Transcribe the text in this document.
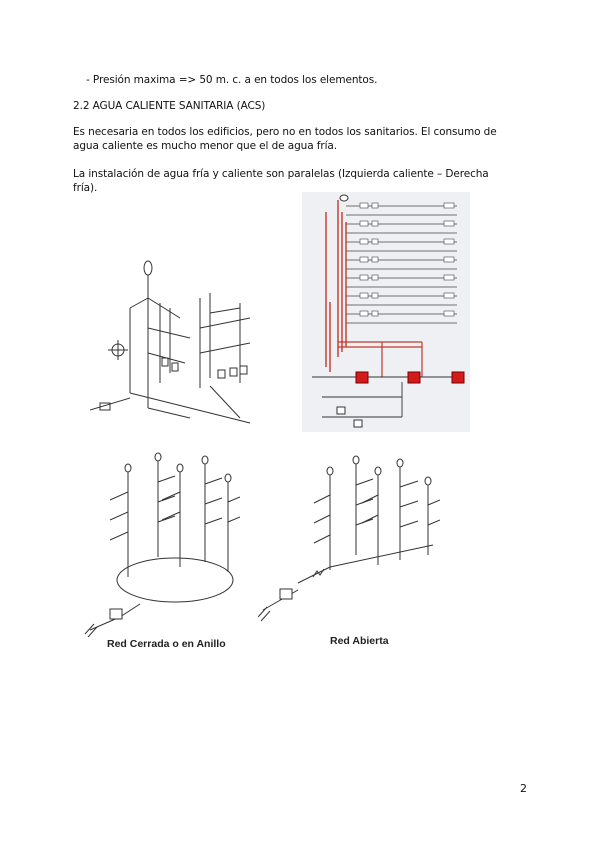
- Presión maxima => 50 m. c. a en todos los elementos.
2.2 AGUA CALIENTE SANITARIA (ACS)
Es necesaria en todos los edificios, pero no en todos los sanitarios. El consumo de agua caliente es mucho menor que el de agua fría.
La instalación de agua fría y caliente son paralelas (Izquierda caliente – Derecha fría).
Red Cerrada o en Anillo	Red Abierta
2
